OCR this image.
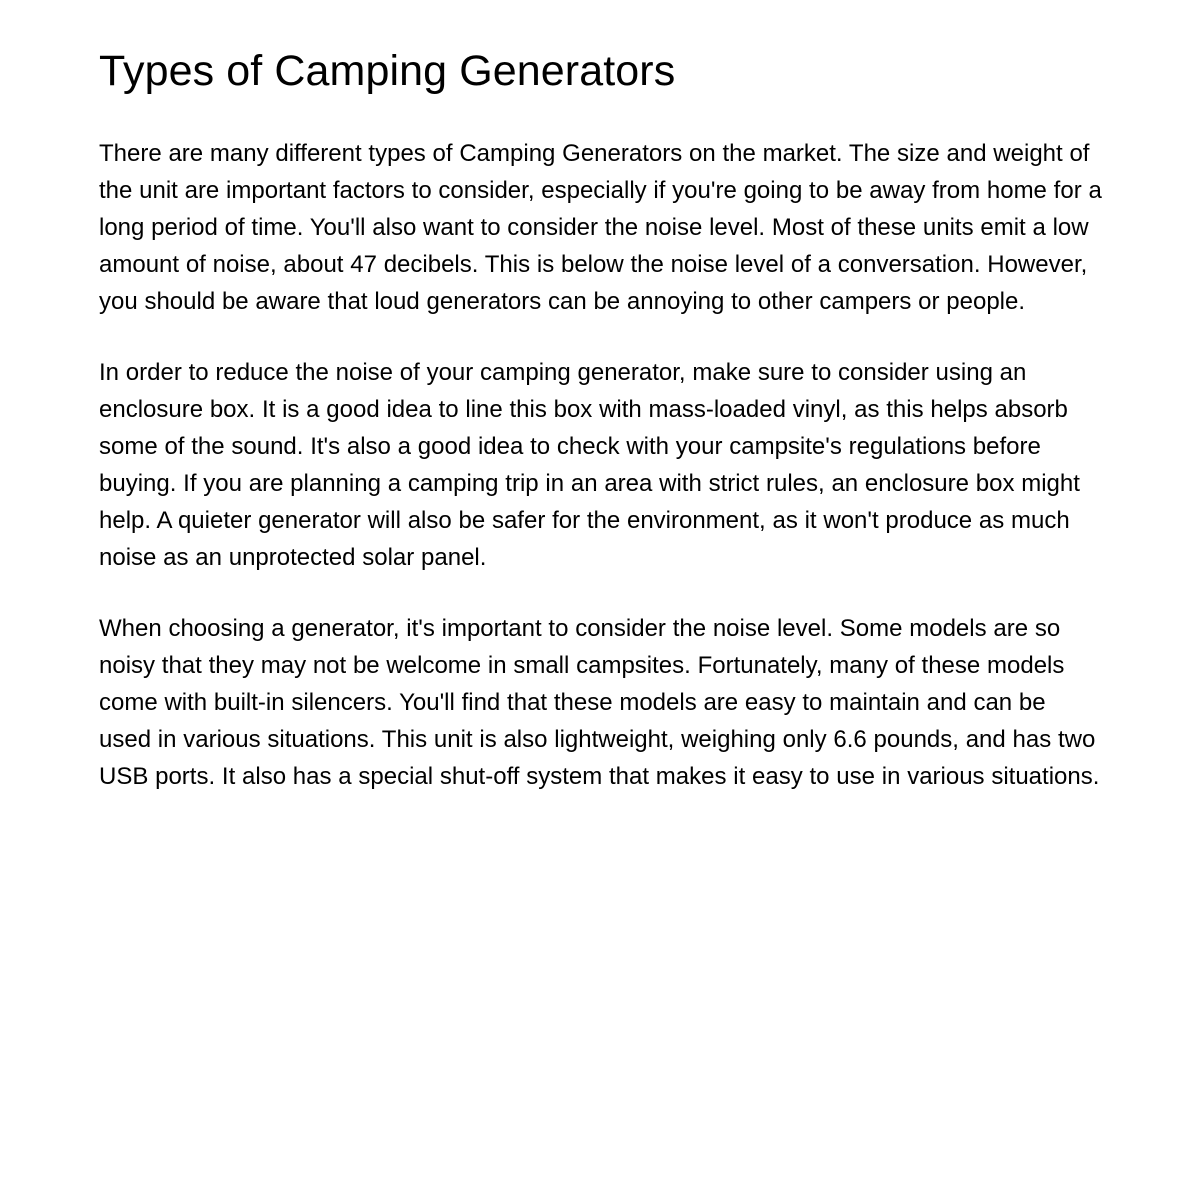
Types of Camping Generators

There are many different types of Camping Generators on the market. The size and weight of the unit are important factors to consider, especially if you're going to be away from home for a long period of time. You'll also want to consider the noise level. Most of these units emit a low amount of noise, about 47 decibels. This is below the noise level of a conversation. However, you should be aware that loud generators can be annoying to other campers or people.

In order to reduce the noise of your camping generator, make sure to consider using an enclosure box. It is a good idea to line this box with mass-loaded vinyl, as this helps absorb some of the sound. It's also a good idea to check with your campsite's regulations before buying. If you are planning a camping trip in an area with strict rules, an enclosure box might help. A quieter generator will also be safer for the environment, as it won't produce as much noise as an unprotected solar panel.

When choosing a generator, it's important to consider the noise level. Some models are so noisy that they may not be welcome in small campsites. Fortunately, many of these models come with built-in silencers. You'll find that these models are easy to maintain and can be used in various situations. This unit is also lightweight, weighing only 6.6 pounds, and has two USB ports. It also has a special shut-off system that makes it easy to use in various situations.
